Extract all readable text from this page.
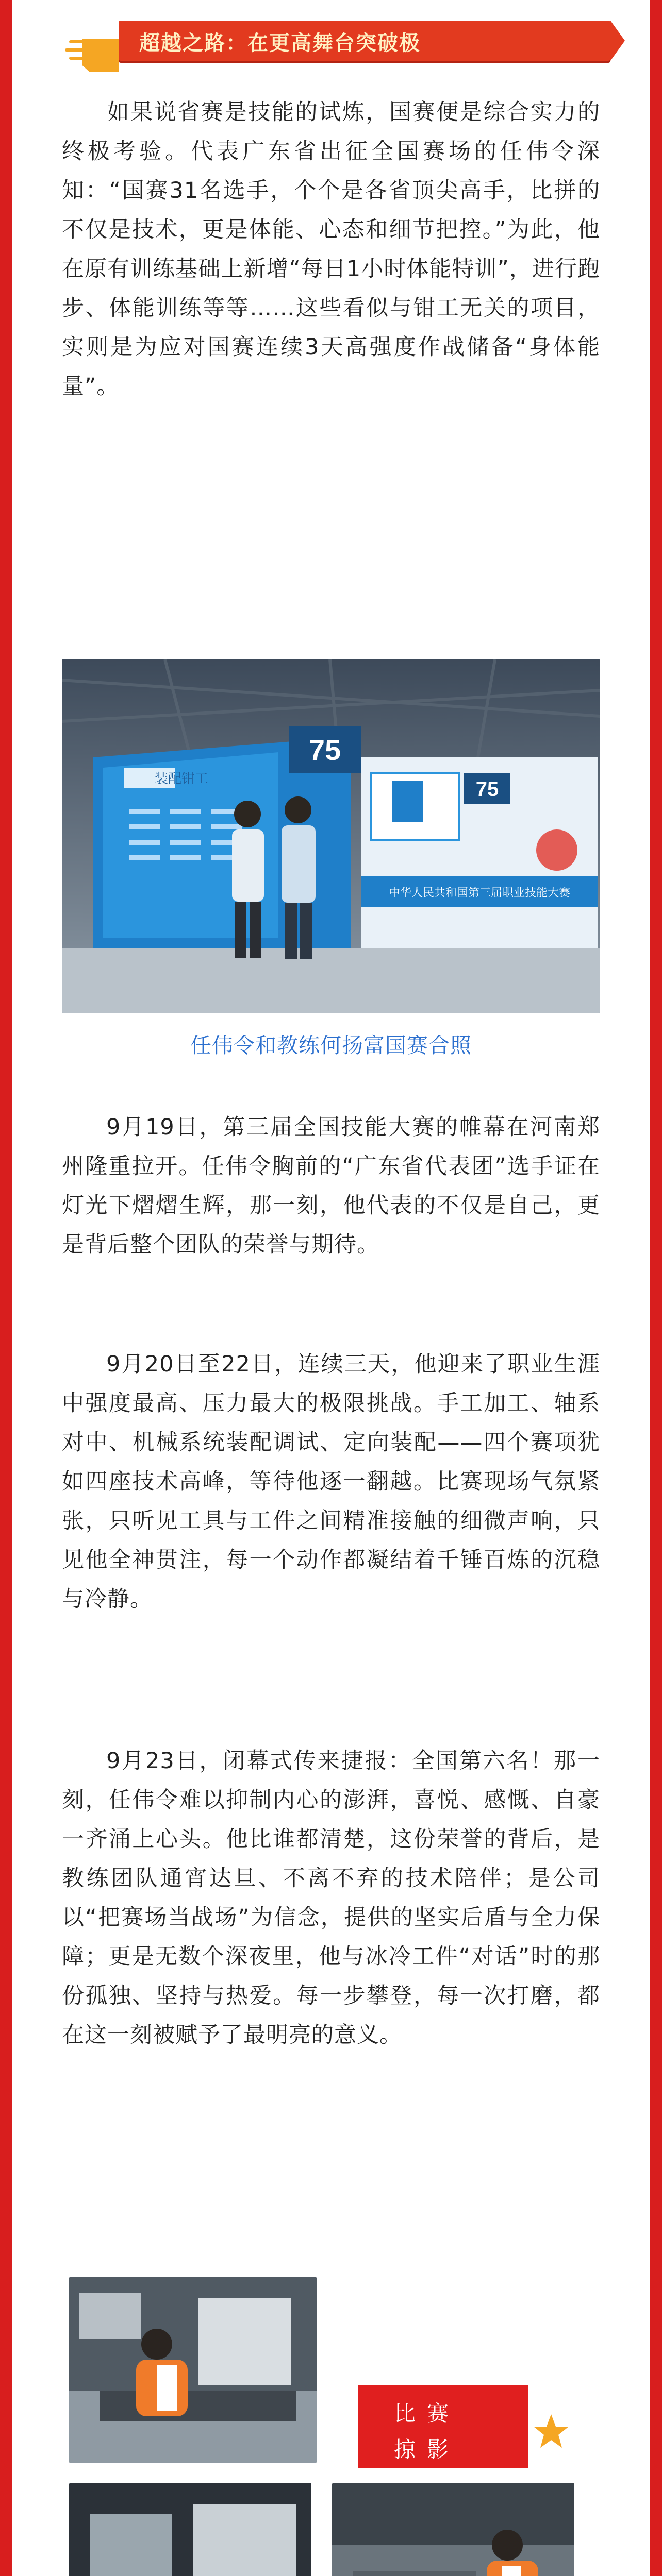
超越之路：在更高舞台突破极
如果说省赛是技能的试炼，国赛便是综合实力的终极考验。代表广东省出征全国赛场的任伟令深知：“国赛31名选手，个个是各省顶尖高手，比拼的不仅是技术，更是体能、心态和细节把控。”为此，他在原有训练基础上新增“每日1小时体能特训”，进行跑步、体能训练等等……这些看似与钳工无关的项目，实则是为应对国赛连续3天高强度作战储备“身体能量”。
装配钳工
75
75
中华人民共和国第三届职业技能大赛
任伟令和教练何扬富国赛合照
9月19日，第三届全国技能大赛的帷幕在河南郑州隆重拉开。任伟令胸前的“广东省代表团”选手证在灯光下熠熠生辉，那一刻，他代表的不仅是自己，更是背后整个团队的荣誉与期待。
9月20日至22日，连续三天，他迎来了职业生涯中强度最高、压力最大的极限挑战。手工加工、轴系对中、机械系统装配调试、定向装配——四个赛项犹如四座技术高峰，等待他逐一翻越。比赛现场气氛紧张，只听见工具与工件之间精准接触的细微声响，只见他全神贯注，每一个动作都凝结着千锤百炼的沉稳与冷静。
9月23日，闭幕式传来捷报：全国第六名！那一刻，任伟令难以抑制内心的澎湃，喜悦、感慨、自豪一齐涌上心头。他比谁都清楚，这份荣誉的背后，是教练团队通宵达旦、不离不弃的技术陪伴；是公司以“把赛场当战场”为信念，提供的坚实后盾与全力保障；更是无数个深夜里，他与冰冷工件“对话”时的那份孤独、坚持与热爱。每一步攀登，每一次打磨，都在这一刻被赋予了最明亮的意义。
比赛掠影
